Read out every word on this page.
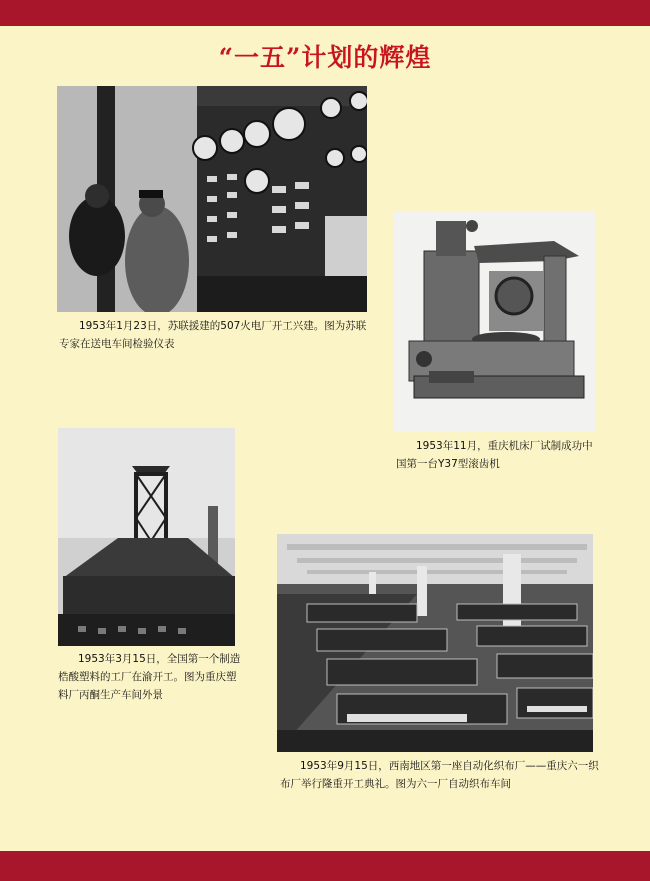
“一五”计划的辉煌
1953年1月23日，苏联援建的507火电厂开工兴建。图为苏联专家在送电车间检验仪表
1953年11月，重庆机床厂试制成功中国第一台Y37型滚齿机
1953年3月15日，全国第一个制造梏酸塑料的工厂在渝开工。图为重庆塑料厂丙酮生产车间外景
1953年9月15日，西南地区第一座自动化织布厂——重庆六一织布厂举行隆重开工典礼。图为六一厂自动织布车间
